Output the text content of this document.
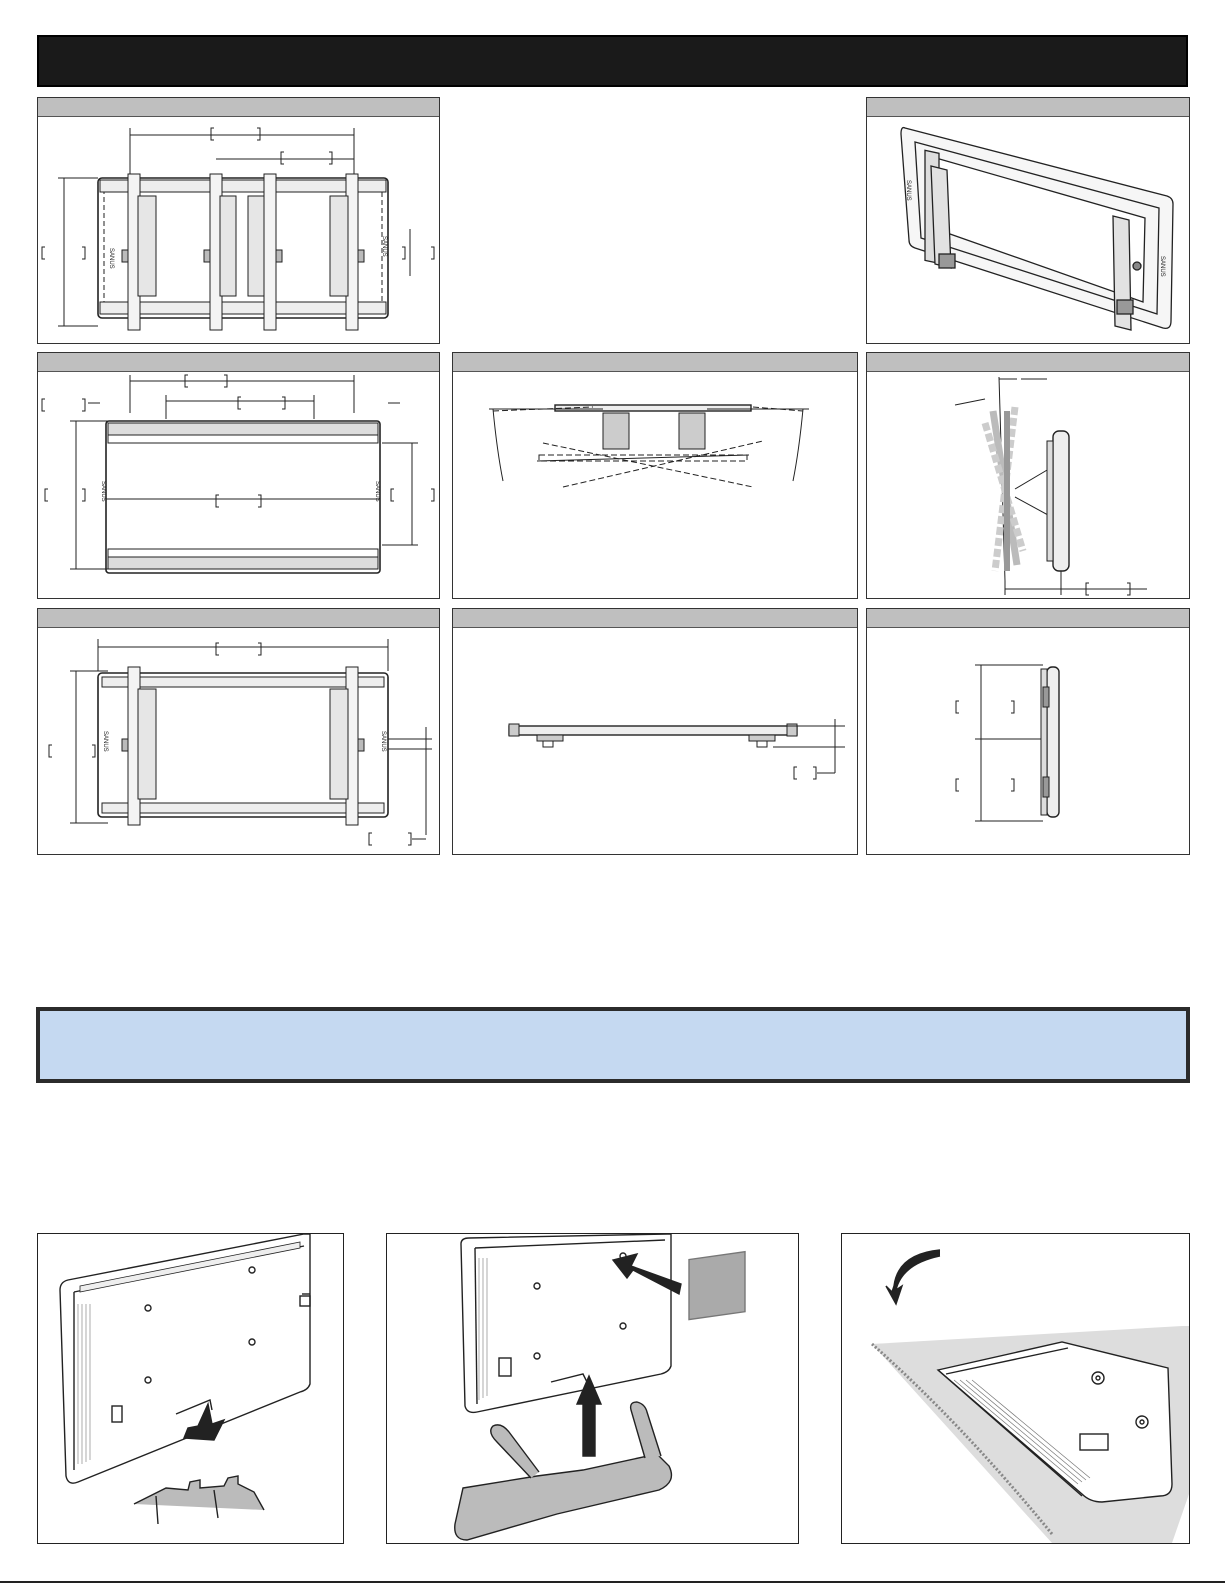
SANUS
SANUS
SANUS
SANUS
SANUS	SANUS
SANUS	SANUS
